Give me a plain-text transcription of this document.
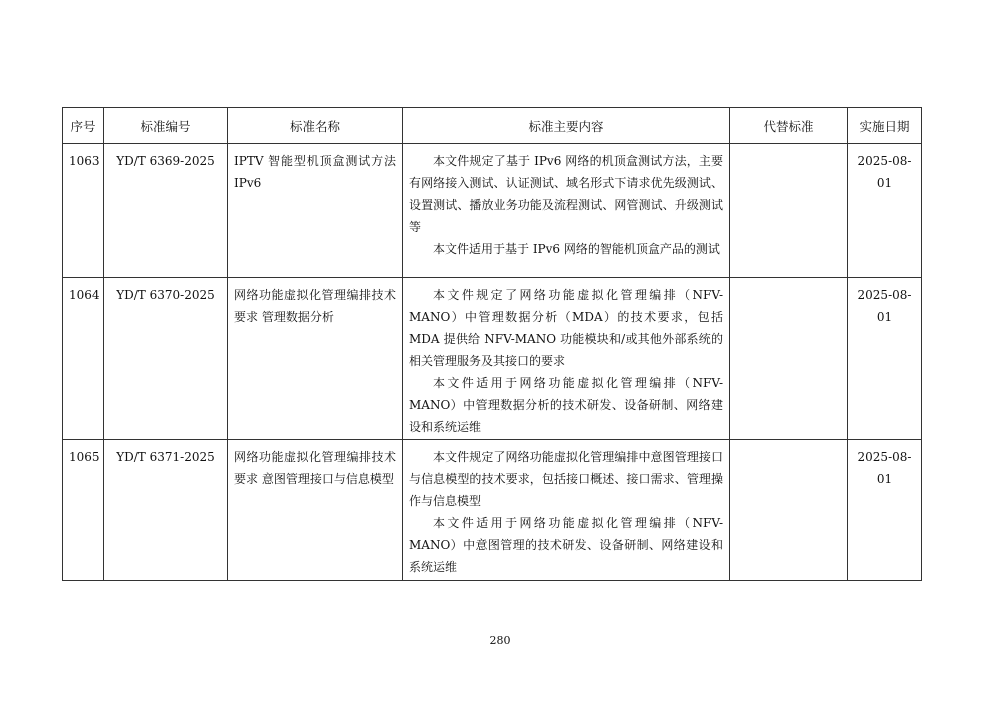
序号	标准编号	标准名称	标准主要内容	代替标准	实施日期
1063	YD/T 6369-2025	IPTV 智能型机顶盒测试方法 IPv6	本文件规定了基于 IPv6 网络的机顶盒测试方法，主要有网络接入测试、认证测试、域名形式下请求优先级测试、设置测试、播放业务功能及流程测试、网管测试、升级测试等
本文件适用于基于 IPv6 网络的智能机顶盒产品的测试		2025-08-01
1064	YD/T 6370-2025	网络功能虚拟化管理编排技术要求 管理数据分析	本文件规定了网络功能虚拟化管理编排（NFV-MANO）中管理数据分析（MDA）的技术要求，包括 MDA 提供给 NFV-MANO 功能模块和/或其他外部系统的相关管理服务及其接口的要求
本文件适用于网络功能虚拟化管理编排（NFV-MANO）中管理数据分析的技术研发、设备研制、网络建设和系统运维		2025-08-01
1065	YD/T 6371-2025	网络功能虚拟化管理编排技术要求 意图管理接口与信息模型	本文件规定了网络功能虚拟化管理编排中意图管理接口与信息模型的技术要求，包括接口概述、接口需求、管理操作与信息模型
本文件适用于网络功能虚拟化管理编排（NFV-MANO）中意图管理的技术研发、设备研制、网络建设和系统运维		2025-08-01
280
